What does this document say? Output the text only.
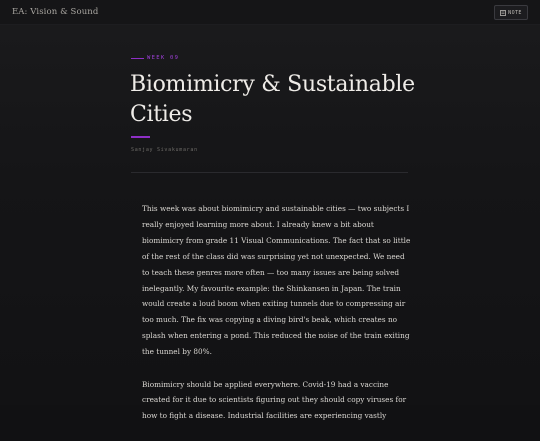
EA: Vision & Sound	NOTE
WEEK 09
Biomimicry & Sustainable Cities
Sanjay Sivakumaran

This week was about biomimicry and sustainable cities — two subjects I really enjoyed learning more about. I already knew a bit about biomimicry from grade 11 Visual Communications. The fact that so little of the rest of the class did was surprising yet not unexpected. We need to teach these genres more often — too many issues are being solved inelegantly. My favourite example: the Shinkansen in Japan. The train would create a loud boom when exiting tunnels due to compressing air too much. The fix was copying a diving bird's beak, which creates no splash when entering a pond. This reduced the noise of the train exiting the tunnel by 80%.

Biomimicry should be applied everywhere. Covid-19 had a vaccine created for it due to scientists figuring out they should copy viruses for how to fight a disease. Industrial facilities are experiencing vastly
